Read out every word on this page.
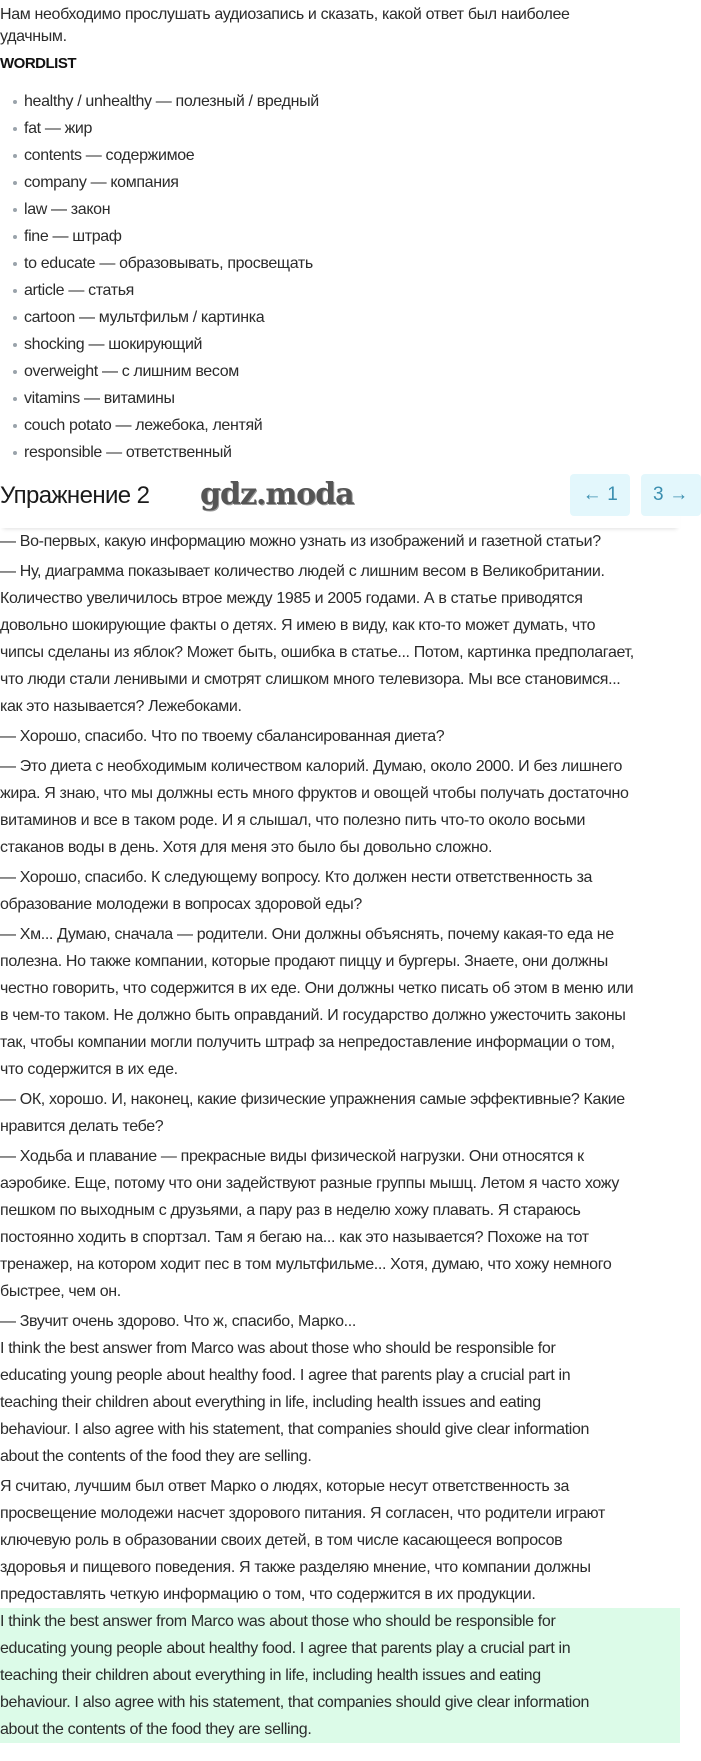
Нам необходимо прослушать аудиозапись и сказать, какой ответ был наиболее
удачным.
WORDLIST
healthy / unhealthy — полезный / вредный
fat — жир
contents — содержимое
company — компания
law — закон
fine — штраф
to educate — образовывать, просвещать
article — статья
cartoon — мультфильм / картинка
shocking — шокирующий
overweight — с лишним весом
vitamins — витамины
couch potato — лежебока, лентяй
responsible — ответственный
Упражнение 2 gdz.moda	← 1 3 →

— Во-первых, какую информацию можно узнать из изображений и газетной статьи?

— Ну, диаграмма показывает количество людей с лишним весом в Великобритании.
Количество увеличилось втрое между 1985 и 2005 годами. А в статье приводятся
довольно шокирующие факты о детях. Я имею в виду, как кто-то может думать, что
чипсы сделаны из яблок? Может быть, ошибка в статье... Потом, картинка предполагает,
что люди стали ленивыми и смотрят слишком много телевизора. Мы все становимся...
как это называется? Лежебоками.

— Хорошо, спасибо. Что по твоему сбалансированная диета?

— Это диета с необходимым количеством калорий. Думаю, около 2000. И без лишнего
жира. Я знаю, что мы должны есть много фруктов и овощей чтобы получать достаточно
витаминов и все в таком роде. И я слышал, что полезно пить что-то около восьми
стаканов воды в день. Хотя для меня это было бы довольно сложно.

— Хорошо, спасибо. К следующему вопросу. Кто должен нести ответственность за
образование молодежи в вопросах здоровой еды?

— Хм... Думаю, сначала — родители. Они должны объяснять, почему какая-то еда не
полезна. Но также компании, которые продают пиццу и бургеры. Знаете, они должны
честно говорить, что содержится в их еде. Они должны четко писать об этом в меню или
в чем-то таком. Не должно быть оправданий. И государство должно ужесточить законы
так, чтобы компании могли получить штраф за непредоставление информации о том,
что содержится в их еде.

— ОК, хорошо. И, наконец, какие физические упражнения самые эффективные? Какие
нравится делать тебе?

— Ходьба и плавание — прекрасные виды физической нагрузки. Они относятся к
аэробике. Еще, потому что они задействуют разные группы мышц. Летом я часто хожу
пешком по выходным с друзьями, а пару раз в неделю хожу плавать. Я стараюсь
постоянно ходить в спортзал. Там я бегаю на... как это называется? Похоже на тот
тренажер, на котором ходит пес в том мультфильме... Хотя, думаю, что хожу немного
быстрее, чем он.

— Звучит очень здорово. Что ж, спасибо, Марко...

I think the best answer from Marco was about those who should be responsible for
educating young people about healthy food. I agree that parents play a crucial part in
teaching their children about everything in life, including health issues and eating
behaviour. I also agree with his statement, that companies should give clear information
about the contents of the food they are selling.

Я считаю, лучшим был ответ Марко о людях, которые несут ответственность за
просвещение молодежи насчет здорового питания. Я согласен, что родители играют
ключевую роль в образовании своих детей, в том числе касающееся вопросов
здоровья и пищевого поведения. Я также разделяю мнение, что компании должны
предоставлять четкую информацию о том, что содержится в их продукции.

I think the best answer from Marco was about those who should be responsible for
educating young people about healthy food. I agree that parents play a crucial part in
teaching their children about everything in life, including health issues and eating
behaviour. I also agree with his statement, that companies should give clear information
about the contents of the food they are selling.
